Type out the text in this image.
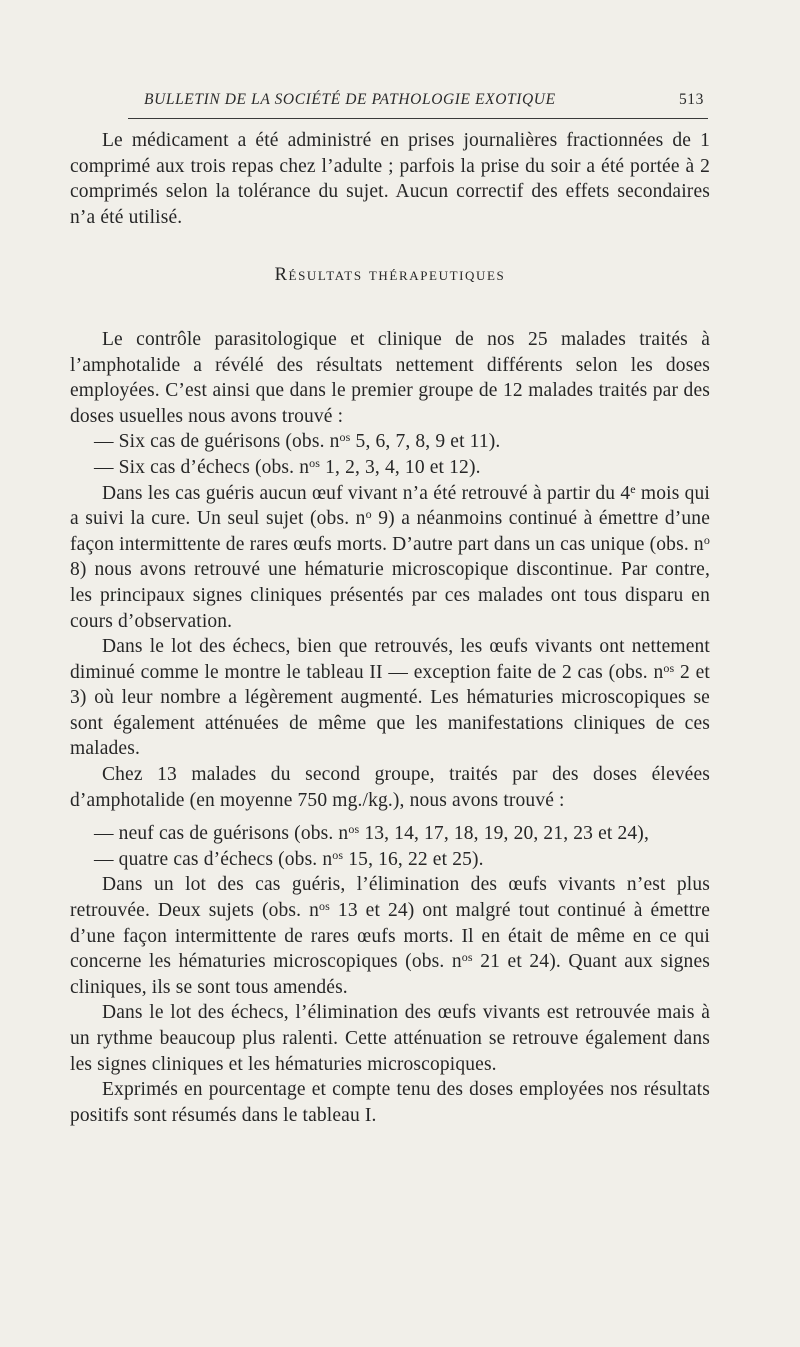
BULLETIN DE LA SOCIÉTÉ DE PATHOLOGIE EXOTIQUE	513

Le médicament a été administré en prises journalières fractionnées de 1 comprimé aux trois repas chez l’adulte ; parfois la prise du soir a été portée à 2 comprimés selon la tolérance du sujet. Aucun correctif des effets secondaires n’a été utilisé.

Résultats thérapeutiques

Le contrôle parasitologique et clinique de nos 25 malades traités à l’amphotalide a révélé des résultats nettement différents selon les doses employées. C’est ainsi que dans le premier groupe de 12 malades traités par des doses usuelles nous avons trouvé :

— Six cas de guérisons (obs. $n^{os}$ 5, 6, 7, 8, 9 et 11).

— Six cas d’échecs (obs. $n^{os}$ 1, 2, 3, 4, 10 et 12).

Dans les cas guéris aucun œuf vivant n’a été retrouvé à partir du 4e mois qui a suivi la cure. Un seul sujet (obs. $n^o$ 9) a néanmoins continué à émettre d’une façon intermittente de rares œufs morts. D’autre part dans un cas unique (obs. $n^o$ 8) nous avons retrouvé une hématurie microscopique discontinue. Par contre, les principaux signes cliniques présentés par ces malades ont tous disparu en cours d’observation.

Dans le lot des échecs, bien que retrouvés, les œufs vivants ont nettement diminué comme le montre le tableau II — exception faite de 2 cas (obs. $n^{os}$ 2 et 3) où leur nombre a légèrement augmenté. Les hématuries microscopiques se sont également atténuées de même que les manifestations cliniques de ces malades.

Chez 13 malades du second groupe, traités par des doses élevées d’amphotalide (en moyenne 750 mg./kg.), nous avons trouvé :

— neuf cas de guérisons (obs. $n^{os}$ 13, 14, 17, 18, 19, 20, 21, 23 et 24),

— quatre cas d’échecs (obs. $n^{os}$ 15, 16, 22 et 25).

Dans un lot des cas guéris, l’élimination des œufs vivants n’est plus retrouvée. Deux sujets (obs. $n^{os}$ 13 et 24) ont malgré tout continué à émettre d’une façon intermittente de rares œufs morts. Il en était de même en ce qui concerne les hématuries microscopiques (obs. $n^{os}$ 21 et 24). Quant aux signes cliniques, ils se sont tous amendés.

Dans le lot des échecs, l’élimination des œufs vivants est retrouvée mais à un rythme beaucoup plus ralenti. Cette atténuation se retrouve également dans les signes cliniques et les hématuries microscopiques.

Exprimés en pourcentage et compte tenu des doses employées nos résultats positifs sont résumés dans le tableau I.
